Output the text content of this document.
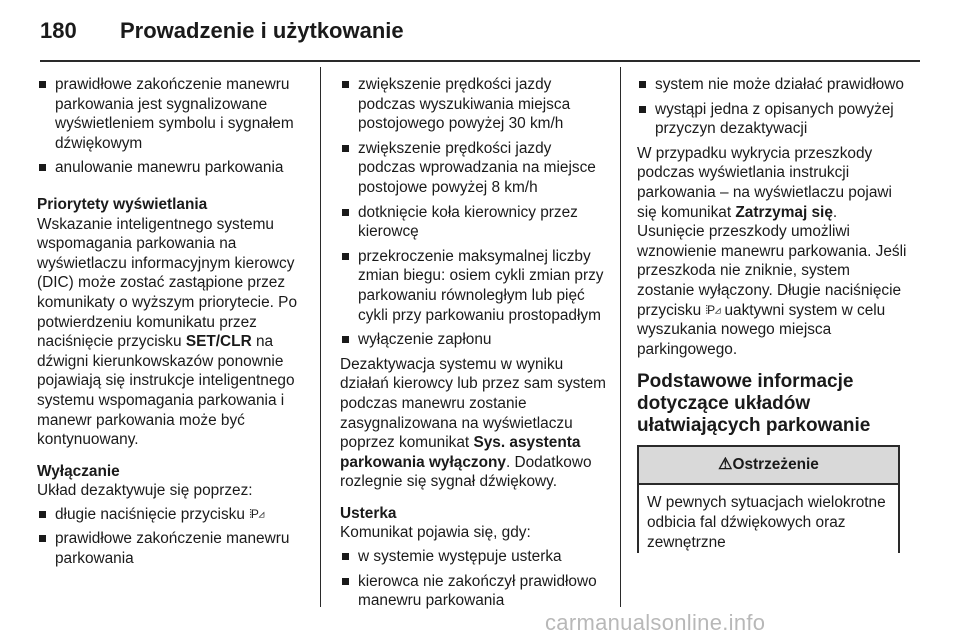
180 Prowadzenie i użytkowanie
prawidłowe zakończenie manewru parkowania jest sygnalizowane wyświetleniem symbolu i sygnałem dźwiękowym
anulowanie manewru parkowania

Priorytety wyświetlania

Wskazanie inteligentnego systemu wspomagania parkowania na wyświetlaczu informacyjnym kierowcy (DIC) może zostać zastąpione przez komunikaty o wyższym priorytecie. Po potwierdzeniu komunikatu przez naciśnięcie przycisku SET/CLR na dźwigni kierunkowskazów ponownie pojawiają się instrukcje inteligentnego systemu wspomagania parkowania i manewr parkowania może być kontynuowany.

Wyłączanie

Układ dezaktywuje się poprzez:

długie naciśnięcie przycisku ⦙P◿
prawidłowe zakończenie manewru parkowania
zwiększenie prędkości jazdy podczas wyszukiwania miejsca postojowego powyżej 30 km/h
zwiększenie prędkości jazdy podczas wprowadzania na miejsce postojowe powyżej 8 km/h
dotknięcie koła kierownicy przez kierowcę
przekroczenie maksymalnej liczby zmian biegu: osiem cykli zmian przy parkowaniu równoległym lub pięć cykli przy parkowaniu prostopadłym
wyłączenie zapłonu

Dezaktywacja systemu w wyniku działań kierowcy lub przez sam system podczas manewru zostanie zasygnalizowana na wyświetlaczu poprzez komunikat Sys. asystenta parkowania wyłączony. Dodatkowo rozlegnie się sygnał dźwiękowy.

Usterka

Komunikat pojawia się, gdy:

w systemie występuje usterka
kierowca nie zakończył prawidłowo manewru parkowania
system nie może działać prawidłowo
wystąpi jedna z opisanych powyżej przyczyn dezaktywacji

W przypadku wykrycia przeszkody podczas wyświetlania instrukcji parkowania – na wyświetlaczu pojawi się komunikat Zatrzymaj się.

Usunięcie przeszkody umożliwi wznowienie manewru parkowania. Jeśli przeszkoda nie zniknie, system zostanie wyłączony. Długie naciśnięcie przycisku ⦙P◿ uaktywni system w celu wyszukania nowego miejsca parkingowego.

Podstawowe informacje dotyczące układów ułatwiających parkowanie

⚠Ostrzeżenie
W pewnych sytuacjach wielokrotne odbicia fal dźwiękowych oraz zewnętrzne
carmanualsonline.info
